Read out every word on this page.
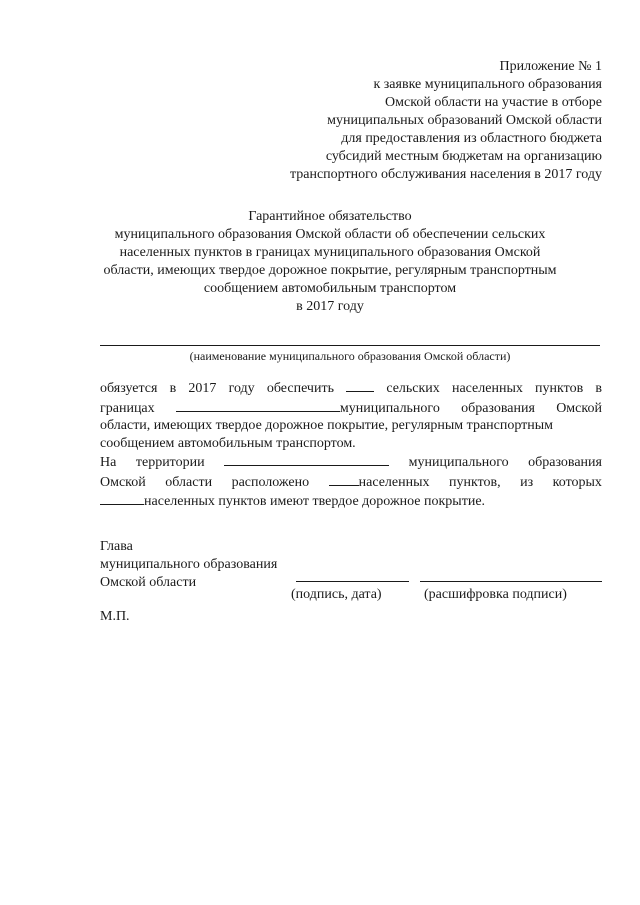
Приложение № 1
к заявке муниципального образования
Омской области на участие в отборе
муниципальных образований Омской области
для предоставления из областного бюджета
субсидий местным бюджетам на организацию
транспортного обслуживания населения в 2017 году
Гарантийное обязательство
муниципального образования Омской области об обеспечении сельских
населенных пунктов в границах муниципального образования Омской
области, имеющих твердое дорожное покрытие, регулярным транспортным
сообщением автомобильным транспортом
в 2017 году
(наименование муниципального образования Омской области)
обязуется в 2017 году обеспечить	сельских населенных пунктов в
границах	муниципального образования Омской
области, имеющих твердое дорожное покрытие, регулярным транспортным
сообщением автомобильным транспортом.
На территории	муниципального образования
Омской области расположено	населенных пунктов, из которых
населенных пунктов имеют твердое дорожное покрытие.
Глава
муниципального образования
Омской области
(подпись, дата)	(расшифровка подписи)
М.П.
